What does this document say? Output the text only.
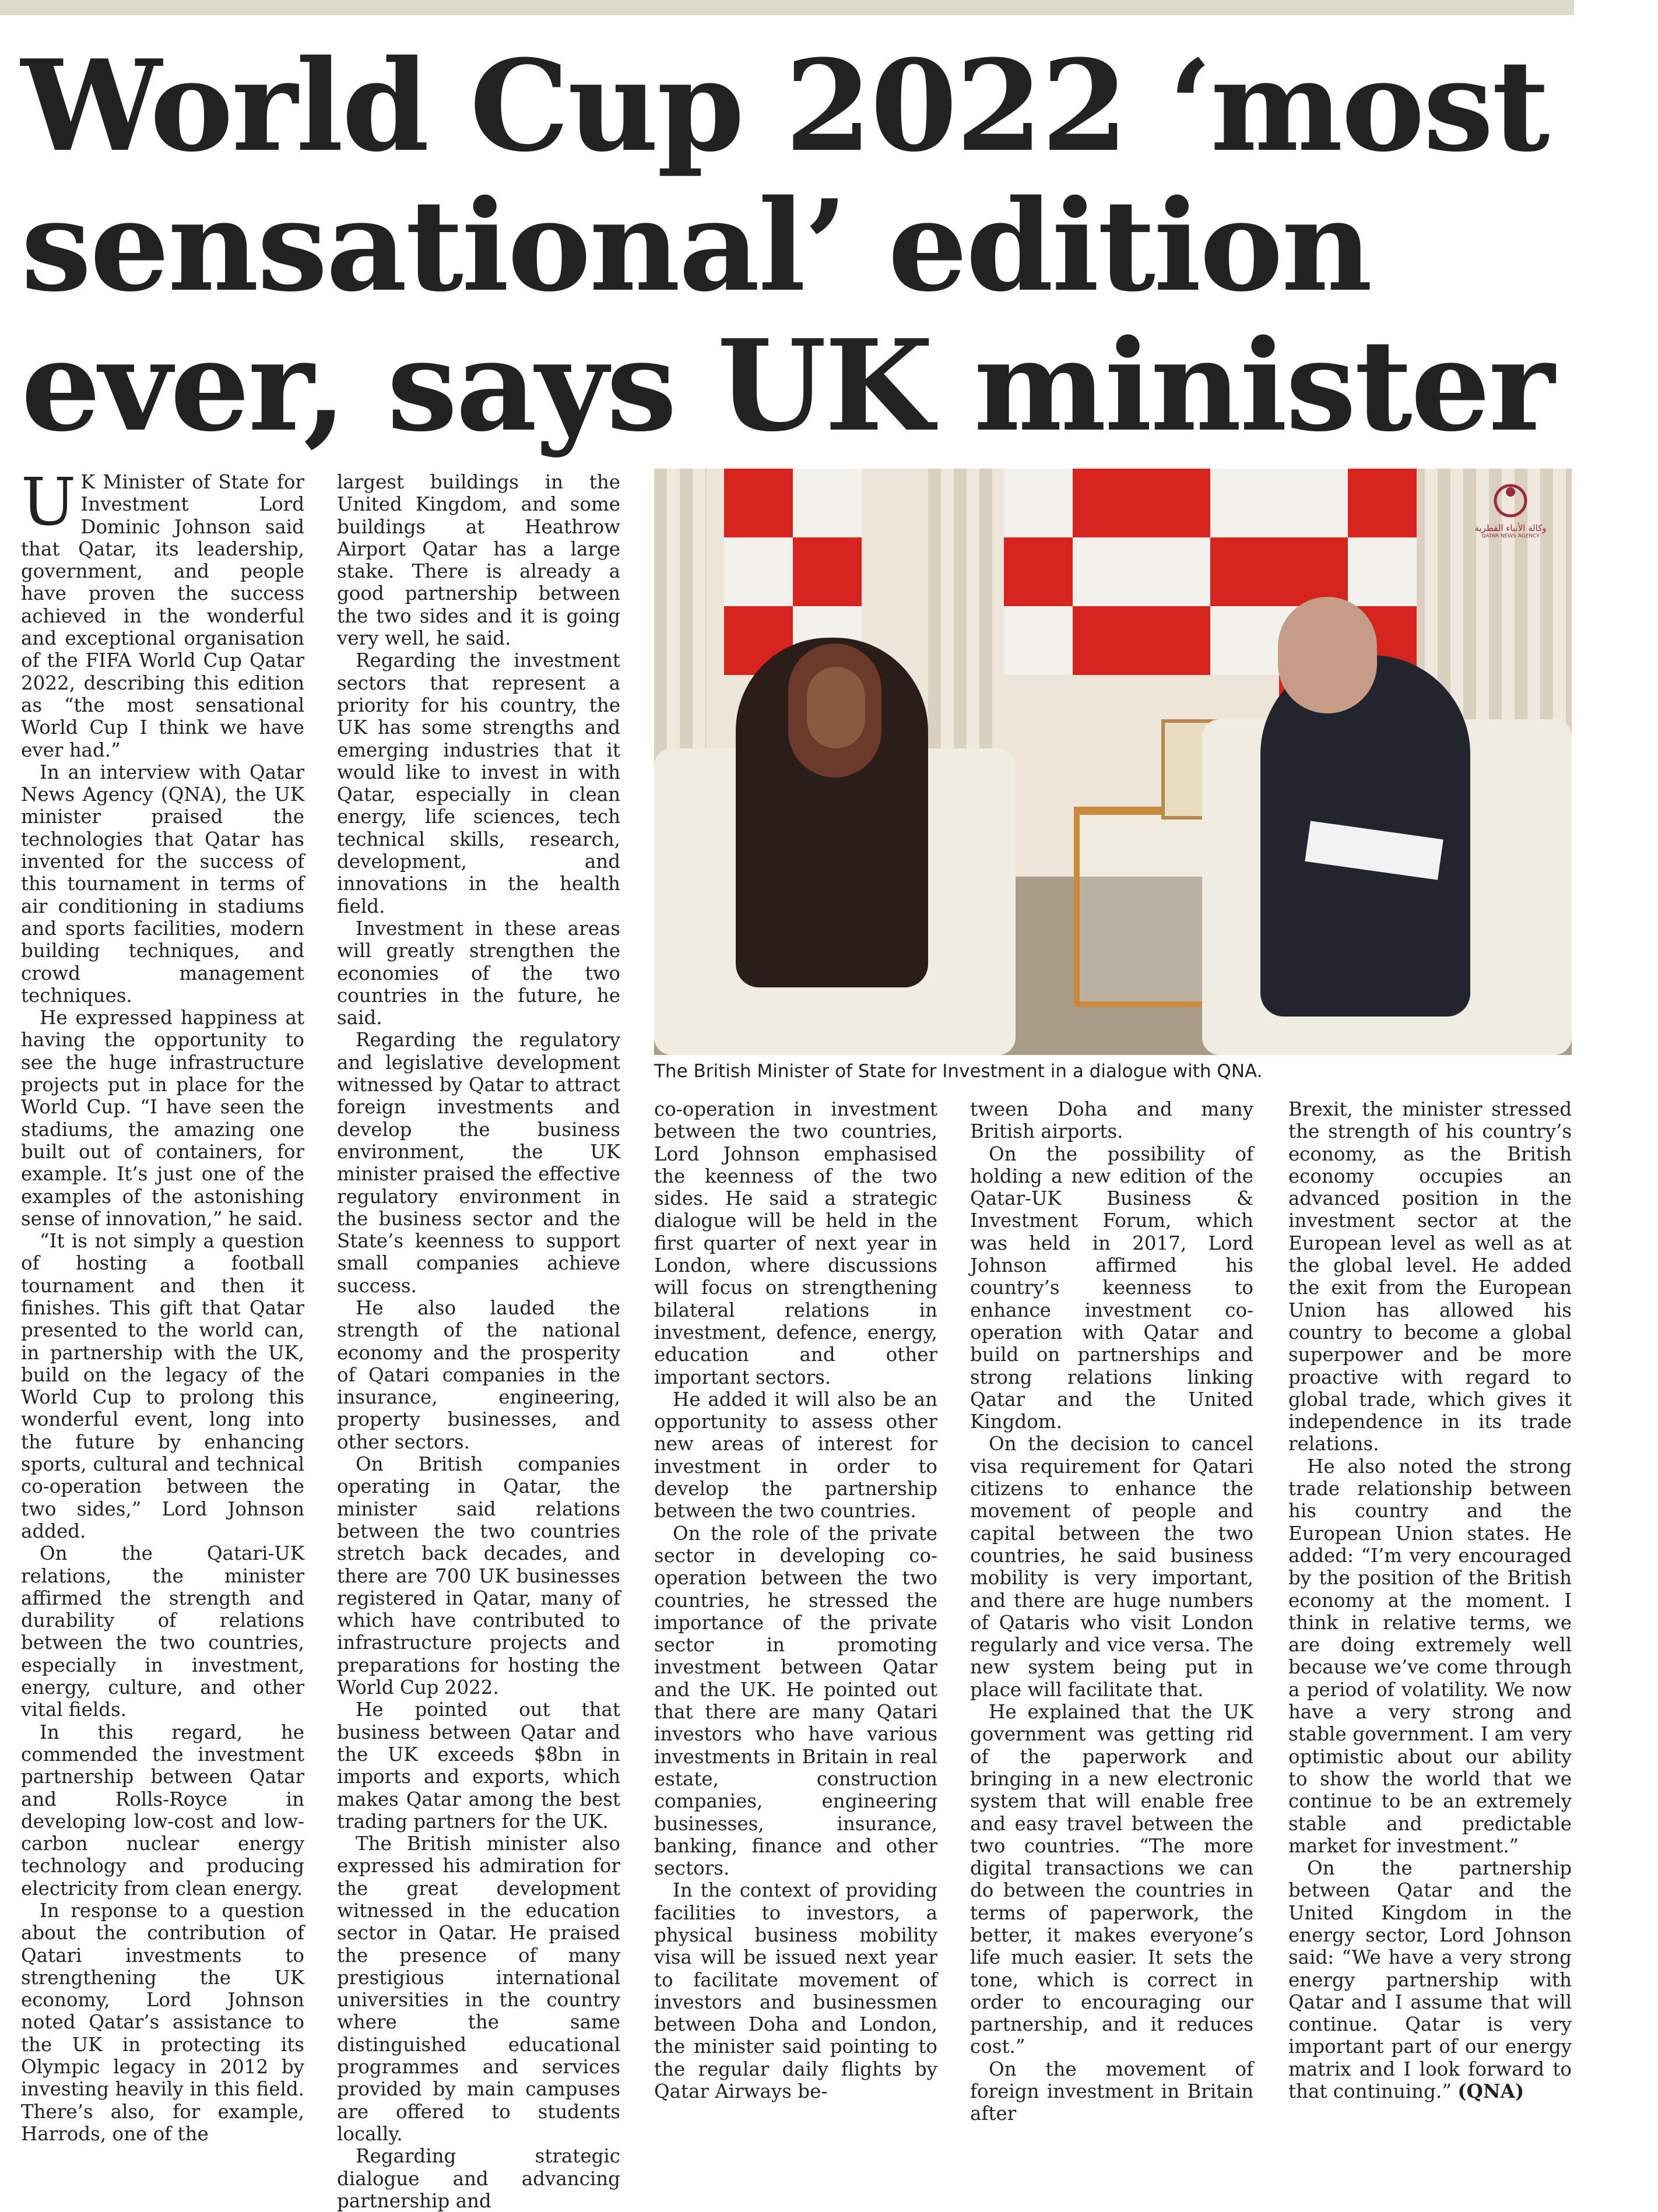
World Cup 2022 ‘most
sensational’ edition
ever, says UK minister

U K Minister of State for Investment Lord Dominic Johnson said that Qatar, its leadership, government, and people have proven the success achieved in the wonderful and exceptional organisation of the FIFA World Cup Qatar 2022, describing this edition as “the most sensational World Cup I think we have ever had.”

In an interview with Qatar News Agency (QNA), the UK minister praised the technologies that Qatar has invented for the success of this tournament in terms of air conditioning in stadiums and sports facilities, modern building techniques, and crowd management techniques.

He expressed happiness at having the opportunity to see the huge infrastructure projects put in place for the World Cup. “I have seen the stadiums, the amazing one built out of containers, for example. It’s just one of the examples of the astonishing sense of innovation,” he said.

“It is not simply a question of hosting a football tournament and then it finishes. This gift that Qatar presented to the world can, in partnership with the UK, build on the legacy of the World Cup to prolong this wonderful event, long into the future by enhancing sports, cultural and technical co-operation between the two sides,” Lord Johnson added.

On the Qatari-UK relations, the minister affirmed the strength and durability of relations between the two countries, especially in investment, energy, culture, and other vital fields.

In this regard, he commended the investment partnership between Qatar and Rolls-Royce in developing low-cost and low-carbon nuclear energy technology and producing electricity from clean energy.

In response to a question about the contribution of Qatari investments to strengthening the UK economy, Lord Johnson noted Qatar’s assistance to the UK in protecting its Olympic legacy in 2012 by investing heavily in this field. There’s also, for example, Harrods, one of the

largest buildings in the United Kingdom, and some buildings at Heathrow Airport Qatar has a large stake. There is already a good partnership between the two sides and it is going very well, he said.

Regarding the investment sectors that represent a priority for his country, the UK has some strengths and emerging industries that it would like to invest in with Qatar, especially in clean energy, life sciences, tech technical skills, research, development, and innovations in the health field.

Investment in these areas will greatly strengthen the economies of the two countries in the future, he said.

Regarding the regulatory and legislative development witnessed by Qatar to attract foreign investments and develop the business environment, the UK minister praised the effective regulatory environment in the business sector and the State’s keenness to support small companies achieve success.

He also lauded the strength of the national economy and the prosperity of Qatari companies in the insurance, engineering, property businesses, and other sectors.

On British companies operating in Qatar, the minister said relations between the two countries stretch back decades, and there are 700 UK businesses registered in Qatar, many of which have contributed to infrastructure projects and preparations for hosting the World Cup 2022.

He pointed out that business between Qatar and the UK exceeds $8bn in imports and exports, which makes Qatar among the best trading partners for the UK.

The British minister also expressed his admiration for the great development witnessed in the education sector in Qatar. He praised the presence of many prestigious international universities in the country where the same distinguished educational programmes and services provided by main campuses are offered to students locally.

Regarding strategic dialogue and advancing partnership and

وكالة الأنباء القطرية
QATAR NEWS AGENCY
The British Minister of State for Investment in a dialogue with QNA.

co-operation in investment between the two countries, Lord Johnson emphasised the keenness of the two sides. He said a strategic dialogue will be held in the first quarter of next year in London, where discussions will focus on strengthening bilateral relations in investment, defence, energy, education and other important sectors.

He added it will also be an opportunity to assess other new areas of interest for investment in order to develop the partnership between the two countries.

On the role of the private sector in developing co-operation between the two countries, he stressed the importance of the private sector in promoting investment between Qatar and the UK. He pointed out that there are many Qatari investors who have various investments in Britain in real estate, construction companies, engineering businesses, insurance, banking, finance and other sectors.

In the context of providing facilities to investors, a physical business mobility visa will be issued next year to facilitate movement of investors and businessmen between Doha and London, the minister said pointing to the regular daily flights by Qatar Airways be-

tween Doha and many British airports.

On the possibility of holding a new edition of the Qatar-UK Business & Investment Forum, which was held in 2017, Lord Johnson affirmed his country’s keenness to enhance investment co-operation with Qatar and build on partnerships and strong relations linking Qatar and the United Kingdom.

On the decision to cancel visa requirement for Qatari citizens to enhance the movement of people and capital between the two countries, he said business mobility is very important, and there are huge numbers of Qataris who visit London regularly and vice versa. The new system being put in place will facilitate that.

He explained that the UK government was getting rid of the paperwork and bringing in a new electronic system that will enable free and easy travel between the two countries. “The more digital transactions we can do between the countries in terms of paperwork, the better, it makes everyone’s life much easier. It sets the tone, which is correct in order to encouraging our partnership, and it reduces cost.”

On the movement of foreign investment in Britain after

Brexit, the minister stressed the strength of his country’s economy, as the British economy occupies an advanced position in the investment sector at the European level as well as at the global level. He added the exit from the European Union has allowed his country to become a global superpower and be more proactive with regard to global trade, which gives it independence in its trade relations.

He also noted the strong trade relationship between his country and the European Union states. He added: “I’m very encouraged by the position of the British economy at the moment. I think in relative terms, we are doing extremely well because we’ve come through a period of volatility. We now have a very strong and stable government. I am very optimistic about our ability to show the world that we continue to be an extremely stable and predictable market for investment.”

On the partnership between Qatar and the United Kingdom in the energy sector, Lord Johnson said: “We have a very strong energy partnership with Qatar and I assume that will continue. Qatar is very important part of our energy matrix and I look forward to that continuing.” (QNA)
